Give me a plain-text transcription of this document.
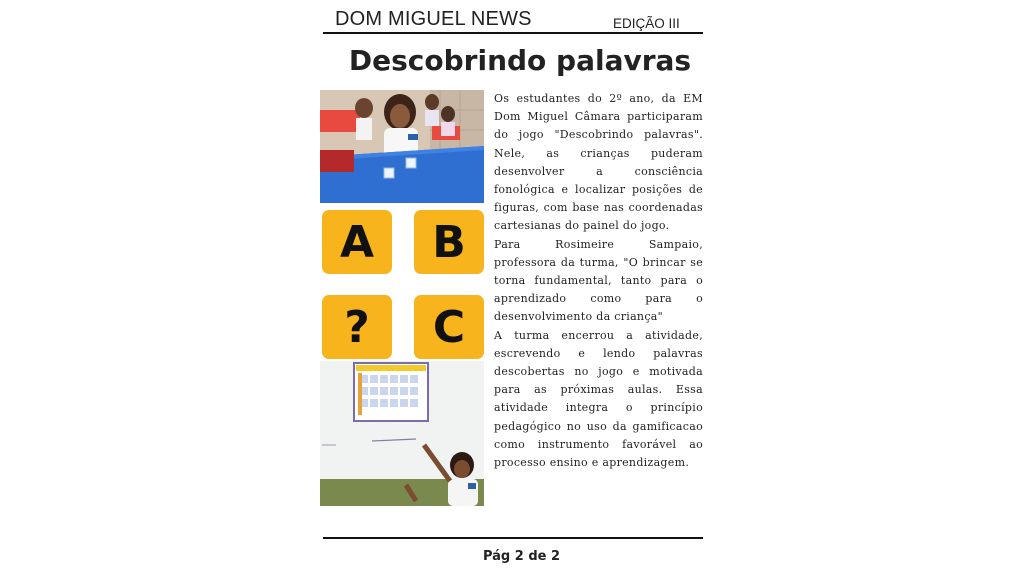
DOM MIGUEL NEWS	EDIÇÃO III
Descobrindo palavras
A	B
?	C

Os estudantes do 2º ano, da EM Dom Miguel Câmara participaram do jogo "Descobrindo palavras". Nele, as crianças puderam desenvolver a consciência fonológica e localizar posições de figuras, com base nas coordenadas cartesianas do painel do jogo.

Para Rosimeire Sampaio, professora da turma, "O brincar se torna fundamental, tanto para o aprendizado como para o desenvolvimento da criança"

A turma encerrou a atividade, escrevendo e lendo palavras descobertas no jogo e motivada para as próximas aulas. Essa atividade integra o princípio pedagógico no uso da gamificacao como instrumento favorável ao processo ensino e aprendizagem.

Pág 2 de 2
